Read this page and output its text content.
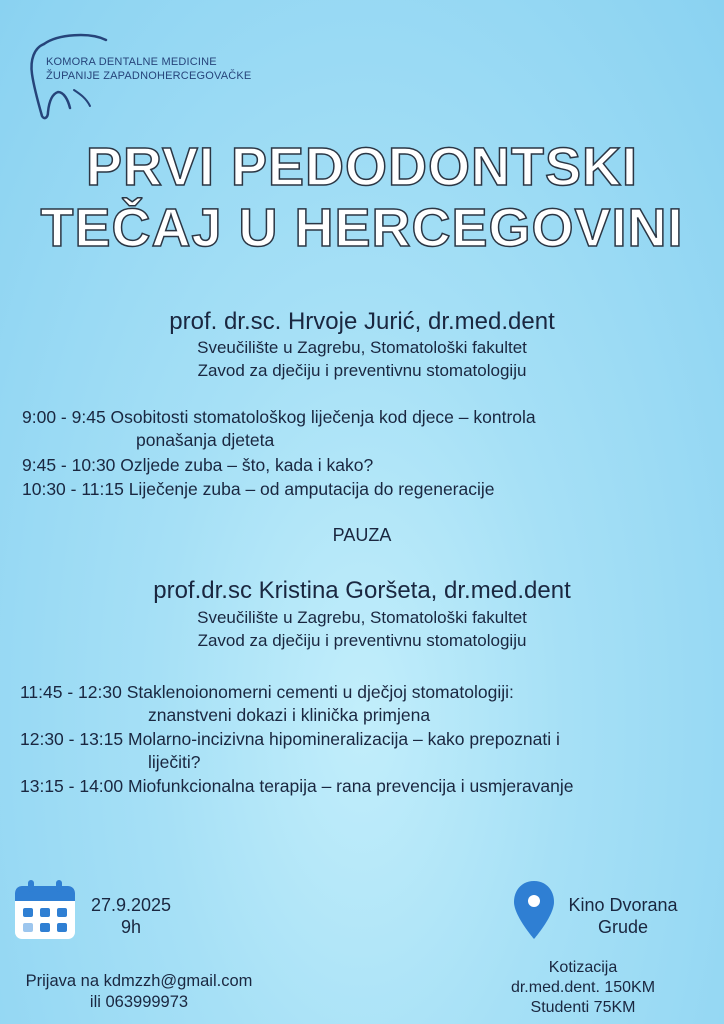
KOMORA DENTALNE MEDICINE
ŽUPANIJE ZAPADNOHERCEGOVAČKE
PRVI PEDODONTSKI
TEČAJ U HERCEGOVINI
prof. dr.sc. Hrvoje Jurić, dr.med.dent
Sveučilište u Zagrebu, Stomatološki fakultet
Zavod za dječiju i preventivnu stomatologiju
9:00 - 9:45 Osobitosti stomatološkog liječenja kod djece – kontrola
ponašanja djeteta
9:45 - 10:30 Ozljede zuba – što, kada i kako?
10:30 - 11:15 Liječenje zuba – od amputacija do regeneracije
PAUZA
prof.dr.sc Kristina Goršeta, dr.med.dent
Sveučilište u Zagrebu, Stomatološki fakultet
Zavod za dječiju i preventivnu stomatologiju
11:45 - 12:30 Staklenoionomerni cementi u dječjoj stomatologiji:
znanstveni dokazi i klinička primjena
12:30 - 13:15 Molarno-incizivna hipomineralizacija – kako prepoznati i
liječiti?
13:15 - 14:00 Miofunkcionalna terapija – rana prevencija i usmjeravanje
27.9.2025
9h
Kino Dvorana
Grude
Prijava na kdmzzh@gmail.com
ili 063999973
Kotizacija
dr.med.dent. 150KM
Studenti 75KM
